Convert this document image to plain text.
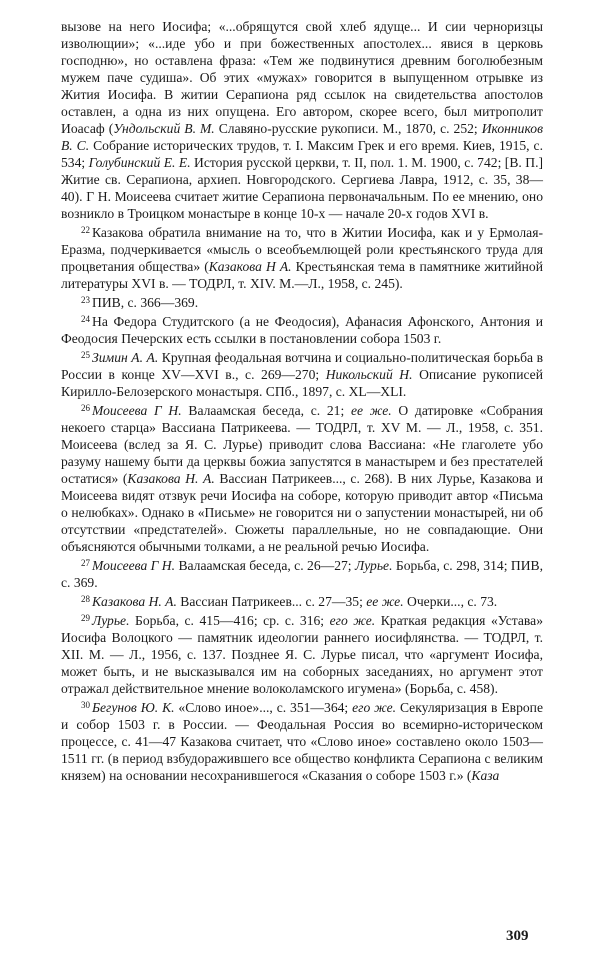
вызове на него Иосифа; «...обрящутся свой хлеб ядуще... И сии черноризцы изволющии»; «...иде убо и при божественных апостолех... явися в церковь господню», но оставлена фраза: «Тем же подвинутися древним боголюбезным мужем паче судиша». Об этих «мужах» говорится в выпущенном отрывке из Жития Иосифа. В житии Серапиона ряд ссылок на свидетельства апостолов оставлен, а одна из них опущена. Его автором, скорее всего, был митрополит Иоасаф (Ундольский В. М. Славяно-русские рукописи. М., 1870, с. 252; Иконников В. С. Собрание исторических трудов, т. I. Максим Грек и его время. Киев, 1915, с. 534; Голубинский Е. Е. История русской церкви, т. II, пол. 1. М. 1900, с. 742; [В. П.] Житие св. Серапиона, архиеп. Новгородского. Сергиева Лавра, 1912, с. 35, 38—40). Г Н. Моисеева считает житие Серапиона первоначальным. По ее мнению, оно возникло в Троицком монастыре в конце 10-х — начале 20-х годов XVI в.

$^{22}$ Казакова обратила внимание на то, что в Житии Иосифа, как и у Ермолая-Еразма, подчеркивается «мысль о всеобъемлющей роли крестьянского труда для процветания общества» (Казакова Н А. Крестьянская тема в памятнике житийной литературы XVI в. — ТОДРЛ, т. XIV. М.—Л., 1958, с. 245).

$^{23}$ ПИВ, с. 366—369.

$^{24}$ На Федора Студитского (а не Феодосия), Афанасия Афонского, Антония и Феодосия Печерских есть ссылки в постановлении собора 1503 г.

$^{25}$ Зимин А. А. Крупная феодальная вотчина и социально-политическая борьба в России в конце XV—XVI в., с. 269—270; Никольский Н. Описание рукописей Кирилло-Белозерского монастыря. СПб., 1897, с. XL—XLI.

$^{26}$ Моисеева Г Н. Валаамская беседа, с. 21; ее же. О датировке «Собрания некоего старца» Вассиана Патрикеева. — ТОДРЛ, т. XV М. — Л., 1958, с. 351. Моисеева (вслед за Я. С. Лурье) приводит слова Вассиана: «Не глаголете убо разуму нашему быти да церквы божиа запустятся в манастырем и без престателей остатися» (Казакова Н. А. Вассиан Патрикеев..., с. 268). В них Лурье, Казакова и Моисеева видят отзвук речи Иосифа на соборе, которую приводит автор «Письма о нелюбках». Однако в «Письме» не говорится ни о запустении монастырей, ни об отсутствии «предстателей». Сюжеты параллельные, но не совпадающие. Они объясняются обычными толками, а не реальной речью Иосифа.

$^{27}$ Моисеева Г Н. Валаамская беседа, с. 26—27; Лурье. Борьба, с. 298, 314; ПИВ, с. 369.

$^{28}$ Казакова Н. А. Вассиан Патрикеев... с. 27—35; ее же. Очерки..., с. 73.

$^{29}$ Лурье. Борьба, с. 415—416; ср. с. 316; его же. Краткая редакция «Устава» Иосифа Волоцкого — памятник идеологии раннего иосифлянства. — ТОДРЛ, т. XII. М. — Л., 1956, с. 137. Позднее Я. С. Лурье писал, что «аргумент Иосифа, может быть, и не высказывался им на соборных заседаниях, но аргумент этот отражал действительное мнение волоколамского игумена» (Борьба, с. 458).

$^{30}$ Бегунов Ю. К. «Слово иное»..., с. 351—364; его же. Секуляризация в Европе и собор 1503 г. в России. — Феодальная Россия во всемирно-историческом процессе, с. 41—47 Казакова считает, что «Слово иное» составлено около 1503—1511 гг. (в период взбудоражившего все общество конфликта Серапиона с великим князем) на основании несохранившегося «Сказания о соборе 1503 г.» (Каза

309
